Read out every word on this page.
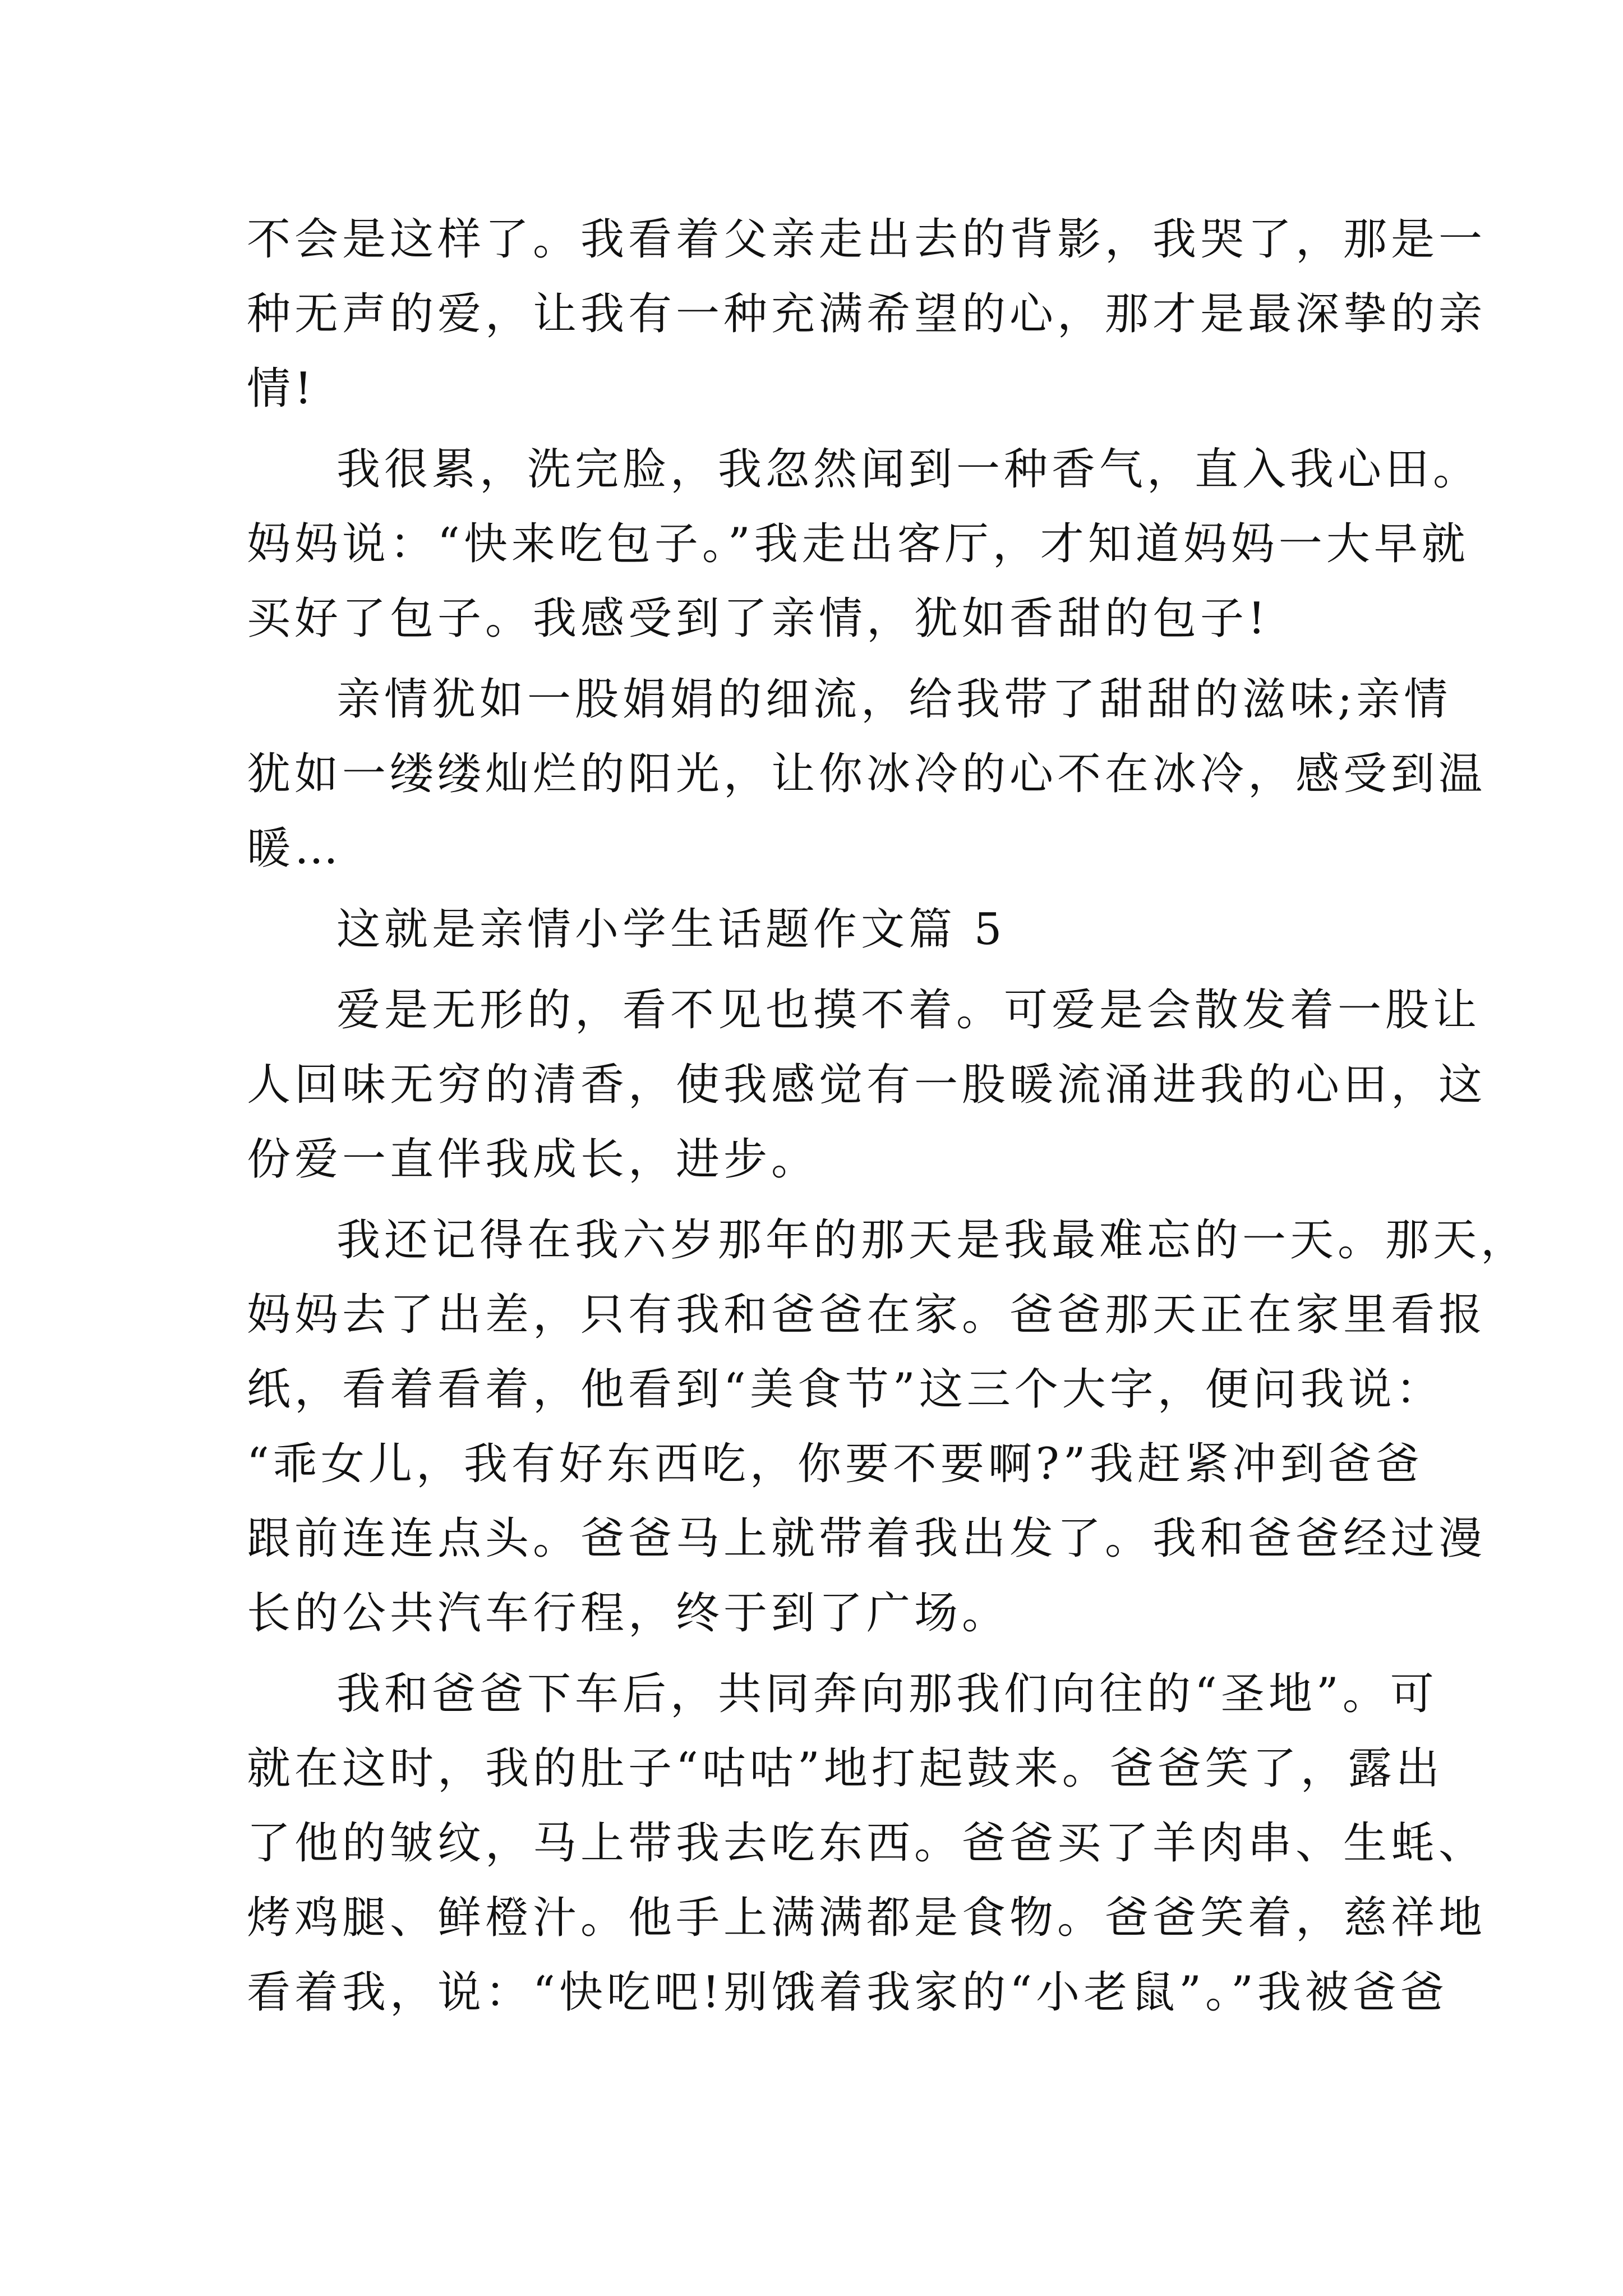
不会是这样了。我看着父亲走出去的背影，我哭了，那是一

种无声的爱，让我有一种充满希望的心，那才是最深挚的亲

情!

我很累，洗完脸，我忽然闻到一种香气，直入我心田。

妈妈说：“快来吃包子。”我走出客厅，才知道妈妈一大早就

买好了包子。我感受到了亲情，犹如香甜的包子!

亲情犹如一股娟娟的细流，给我带了甜甜的滋味;亲情

犹如一缕缕灿烂的阳光，让你冰冷的心不在冰冷，感受到温

暖…

这就是亲情小学生话题作文篇 5

爱是无形的，看不见也摸不着。可爱是会散发着一股让

人回味无穷的清香，使我感觉有一股暖流涌进我的心田，这

份爱一直伴我成长，进步。

我还记得在我六岁那年的那天是我最难忘的一天。那天，

妈妈去了出差，只有我和爸爸在家。爸爸那天正在家里看报

纸，看着看着，他看到“美食节”这三个大字，便问我说：

“乖女儿，我有好东西吃，你要不要啊?”我赶紧冲到爸爸

跟前连连点头。爸爸马上就带着我出发了。我和爸爸经过漫

长的公共汽车行程，终于到了广场。

我和爸爸下车后，共同奔向那我们向往的“圣地”。可

就在这时，我的肚子“咕咕”地打起鼓来。爸爸笑了，露出

了他的皱纹，马上带我去吃东西。爸爸买了羊肉串、生蚝、

烤鸡腿、鲜橙汁。他手上满满都是食物。爸爸笑着，慈祥地

看着我，说：“快吃吧!别饿着我家的“小老鼠”。”我被爸爸
